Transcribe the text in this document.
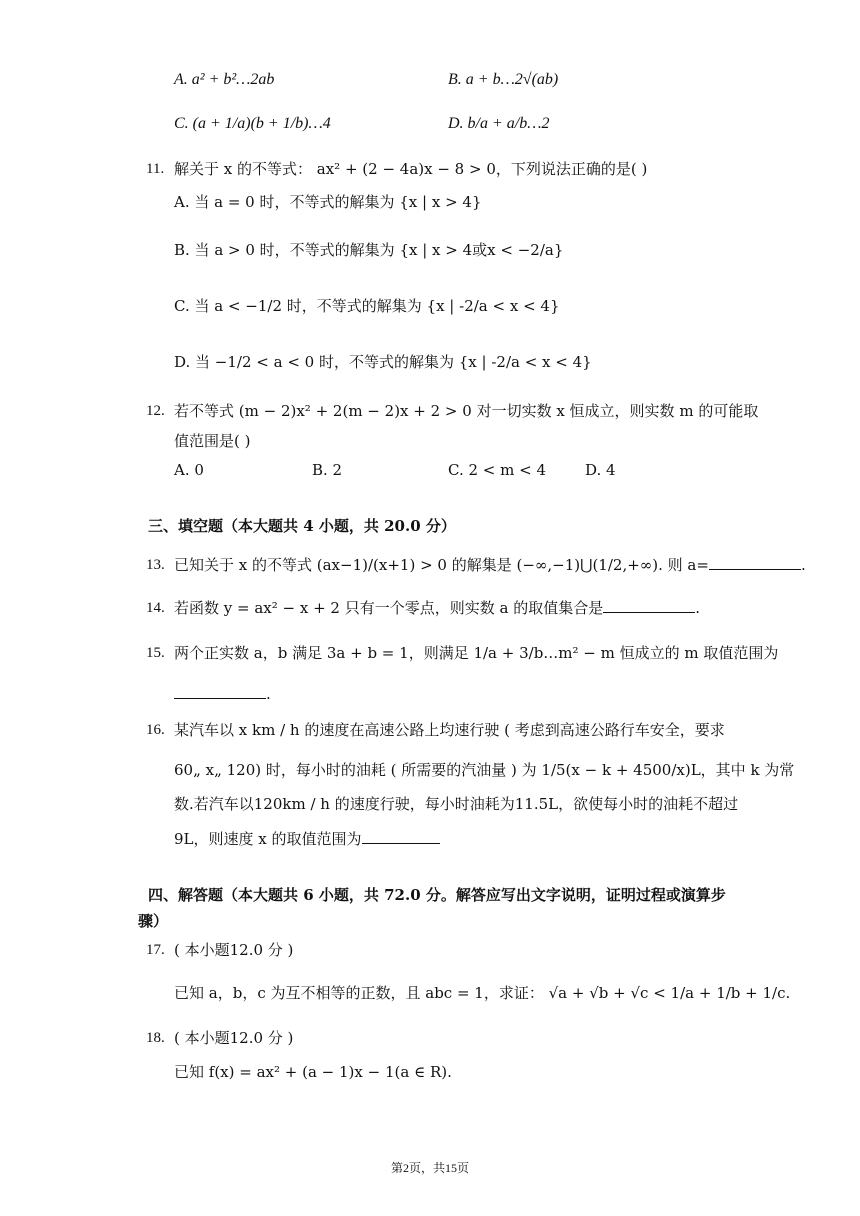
A. a² + b²…2ab	B. a + b…2√(ab)
C. (a + 1/a)(b + 1/b)…4	D. b/a + a/b…2
11. 解关于 x 的不等式： ax² + (2 − 4a)x − 8 > 0，下列说法正确的是( )
A. 当 a = 0 时，不等式的解集为 {x | x > 4}
B. 当 a > 0 时，不等式的解集为 {x | x > 4或x < −2/a}
C. 当 a < −1/2 时，不等式的解集为 {x | -2/a < x < 4}
D. 当 −1/2 < a < 0 时，不等式的解集为 {x | -2/a < x < 4}
12. 若不等式 (m − 2)x² + 2(m − 2)x + 2 > 0 对一切实数 x 恒成立，则实数 m 的可能取
值范围是( )
A. 0	B. 2	C. 2 < m < 4	D. 4
三、填空题（本大题共 4 小题，共 20.0 分）
13. 已知关于 x 的不等式 (ax−1)/(x+1) > 0 的解集是 (−∞,−1)⋃(1/2,+∞). 则 a=	.
14. 若函数 y = ax² − x + 2 只有一个零点，则实数 a 的取值集合是	.
15. 两个正实数 a，b 满足 3a + b = 1，则满足 1/a + 3/b…m² − m 恒成立的 m 取值范围为
.
16. 某汽车以 x km / h 的速度在高速公路上均速行驶 ( 考虑到高速公路行车安全，要求
60„ x„ 120) 时，每小时的油耗 ( 所需要的汽油量 ) 为 1/5(x − k + 4500/x)L，其中 k 为常
数.若汽车以120km / h 的速度行驶，每小时油耗为11.5L，欲使每小时的油耗不超过
9L，则速度 x 的取值范围为
四、解答题（本大题共 6 小题，共 72.0 分。解答应写出文字说明，证明过程或演算步
骤）
17. ( 本小题12.0 分 )
已知 a，b，c 为互不相等的正数，且 abc = 1，求证： √a + √b + √c < 1/a + 1/b + 1/c.
18. ( 本小题12.0 分 )
已知 f(x) = ax² + (a − 1)x − 1(a ∈ R).
第2页，共15页
